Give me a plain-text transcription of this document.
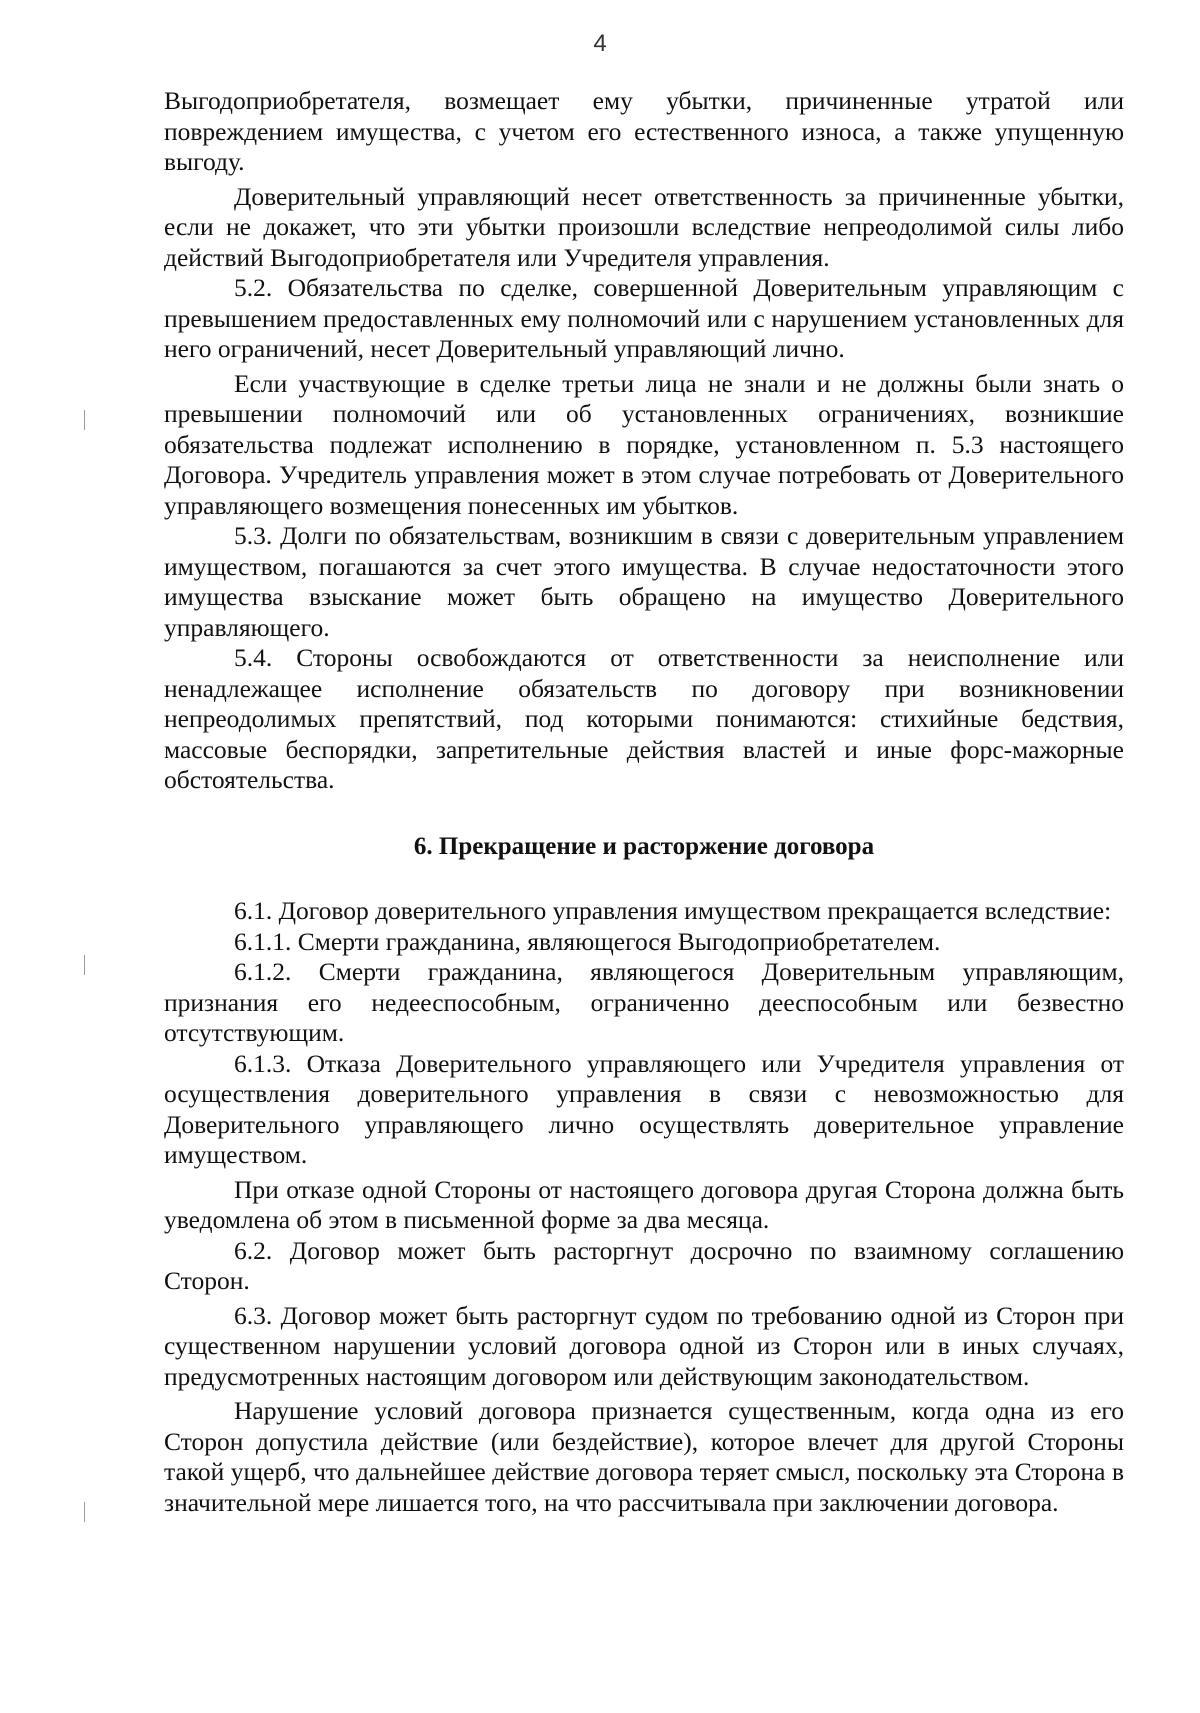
4

Выгодоприобретателя, возмещает ему убытки, причиненные утратой или повреждением имущества, с учетом его естественного износа, а также упущенную выгоду.

Доверительный управляющий несет ответственность за причиненные убытки, если не докажет, что эти убытки произошли вследствие непреодолимой силы либо действий Выгодоприобретателя или Учредителя управления.

5.2. Обязательства по сделке, совершенной Доверительным управляющим с превышением предоставленных ему полномочий или с нарушением установленных для него ограничений, несет Доверительный управляющий лично.

Если участвующие в сделке третьи лица не знали и не должны были знать о превышении полномочий или об установленных ограничениях, возникшие обязательства подлежат исполнению в порядке, установленном п. 5.3 настоящего Договора. Учредитель управления может в этом случае потребовать от Доверительного управляющего возмещения понесенных им убытков.

5.3. Долги по обязательствам, возникшим в связи с доверительным управлением имуществом, погашаются за счет этого имущества. В случае недостаточности этого имущества взыскание может быть обращено на имущество Доверительного управляющего.

5.4. Стороны освобождаются от ответственности за неисполнение или ненадлежащее исполнение обязательств по договору при возникновении непреодолимых препятствий, под которыми понимаются: стихийные бедствия, массовые беспорядки, запретительные действия властей и иные форс-мажорные обстоятельства.

6. Прекращение и расторжение договора

6.1. Договор доверительного управления имуществом прекращается вследствие:

6.1.1. Смерти гражданина, являющегося Выгодоприобретателем.

6.1.2. Смерти гражданина, являющегося Доверительным управляющим, признания его недееспособным, ограниченно дееспособным или безвестно отсутствующим.

6.1.3. Отказа Доверительного управляющего или Учредителя управления от осуществления доверительного управления в связи с невозможностью для Доверительного управляющего лично осуществлять доверительное управление имуществом.

При отказе одной Стороны от настоящего договора другая Сторона должна быть уведомлена об этом в письменной форме за два месяца.

6.2. Договор может быть расторгнут досрочно по взаимному соглашению Сторон.

6.3. Договор может быть расторгнут судом по требованию одной из Сторон при существенном нарушении условий договора одной из Сторон или в иных случаях, предусмотренных настоящим договором или действующим законодательством.

Нарушение условий договора признается существенным, когда одна из его Сторон допустила действие (или бездействие), которое влечет для другой Стороны такой ущерб, что дальнейшее действие договора теряет смысл, поскольку эта Сторона в значительной мере лишается того, на что рассчитывала при заключении договора.
